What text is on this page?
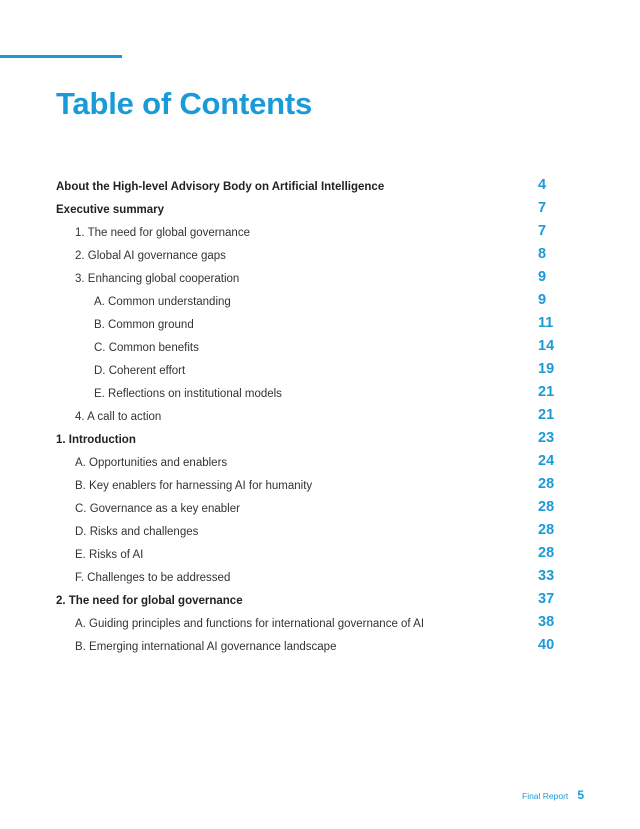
Table of Contents
About the High-level Advisory Body on Artificial Intelligence	4
Executive summary	7
1. The need for global governance	7
2. Global AI governance gaps	8
3. Enhancing global cooperation	9
A. Common understanding	9
B. Common ground	11
C. Common benefits	14
D. Coherent effort	19
E. Reflections on institutional models	21
4. A call to action	21
1. Introduction	23
A. Opportunities and enablers	24
B. Key enablers for harnessing AI for humanity	28
C. Governance as a key enabler	28
D. Risks and challenges	28
E. Risks of AI	28
F. Challenges to be addressed	33
2. The need for global governance	37
A. Guiding principles and functions for international governance of AI	38
B. Emerging international AI governance landscape	40
Final Report 5
